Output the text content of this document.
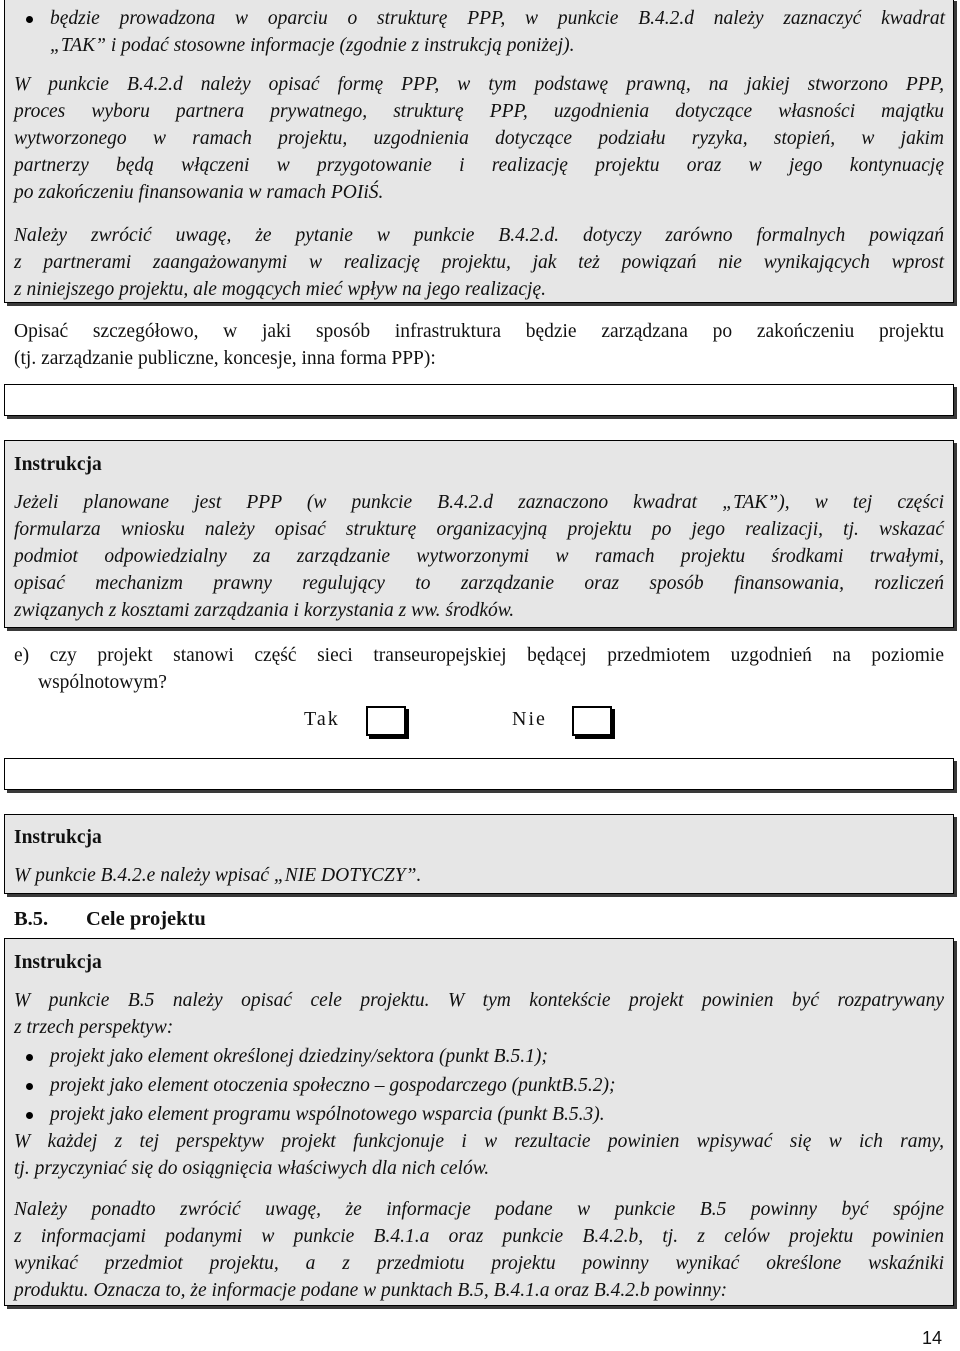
będzie prowadzona w oparciu o strukturę PPP, w punkcie B.4.2.d należy zaznaczyć kwadrat
„TAK” i podać stosowne informacje (zgodnie z instrukcją poniżej).
W punkcie B.4.2.d należy opisać formę PPP, w tym podstawę prawną, na jakiej stworzono PPP,
proces wyboru partnera prywatnego, strukturę PPP, uzgodnienia dotyczące własności majątku
wytworzonego w ramach projektu, uzgodnienia dotyczące podziału ryzyka, stopień, w jakim
partnerzy będą włączeni w przygotowanie i realizację projektu oraz w jego kontynuację
po zakończeniu finansowania w ramach POIiŚ.
Należy zwrócić uwagę, że pytanie w punkcie B.4.2.d. dotyczy zarówno formalnych powiązań
z partnerami zaangażowanymi w realizację projektu, jak też powiązań nie wynikających wprost
z niniejszego projektu, ale mogących mieć wpływ na jego realizację.
Opisać szczegółowo, w jaki sposób infrastruktura będzie zarządzana po zakończeniu projektu
(tj. zarządzanie publiczne, koncesje, inna forma PPP):
Instrukcja
Jeżeli planowane jest PPP (w punkcie B.4.2.d zaznaczono kwadrat „TAK”), w tej części
formularza wniosku należy opisać strukturę organizacyjną projektu po jego realizacji, tj. wskazać
podmiot odpowiedzialny za zarządzanie wytworzonymi w ramach projektu środkami trwałymi,
opisać mechanizm prawny regulujący to zarządzanie oraz sposób finansowania, rozliczeń
związanych z kosztami zarządzania i korzystania z ww. środków.
e) czy projekt stanowi część sieci transeuropejskiej będącej przedmiotem uzgodnień na poziomie
wspólnotowym?
Tak	Nie
Instrukcja
W punkcie B.4.2.e należy wpisać „NIE DOTYCZY”.
B.5. Cele projektu
Instrukcja
W punkcie B.5 należy opisać cele projektu. W tym kontekście projekt powinien być rozpatrywany
z trzech perspektyw:
projekt jako element określonej dziedziny/sektora (punkt B.5.1);
projekt jako element otoczenia społeczno – gospodarczego (punktB.5.2);
projekt jako element programu wspólnotowego wsparcia (punkt B.5.3).
W każdej z tej perspektyw projekt funkcjonuje i w rezultacie powinien wpisywać się w ich ramy,
tj. przyczyniać się do osiągnięcia właściwych dla nich celów.
Należy ponadto zwrócić uwagę, że informacje podane w punkcie B.5 powinny być spójne
z informacjami podanymi w punkcie B.4.1.a oraz punkcie B.4.2.b, tj. z celów projektu powinien
wynikać przedmiot projektu, a z przedmiotu projektu powinny wynikać określone wskaźniki
produktu. Oznacza to, że informacje podane w punktach B.5, B.4.1.a oraz B.4.2.b powinny:
14
